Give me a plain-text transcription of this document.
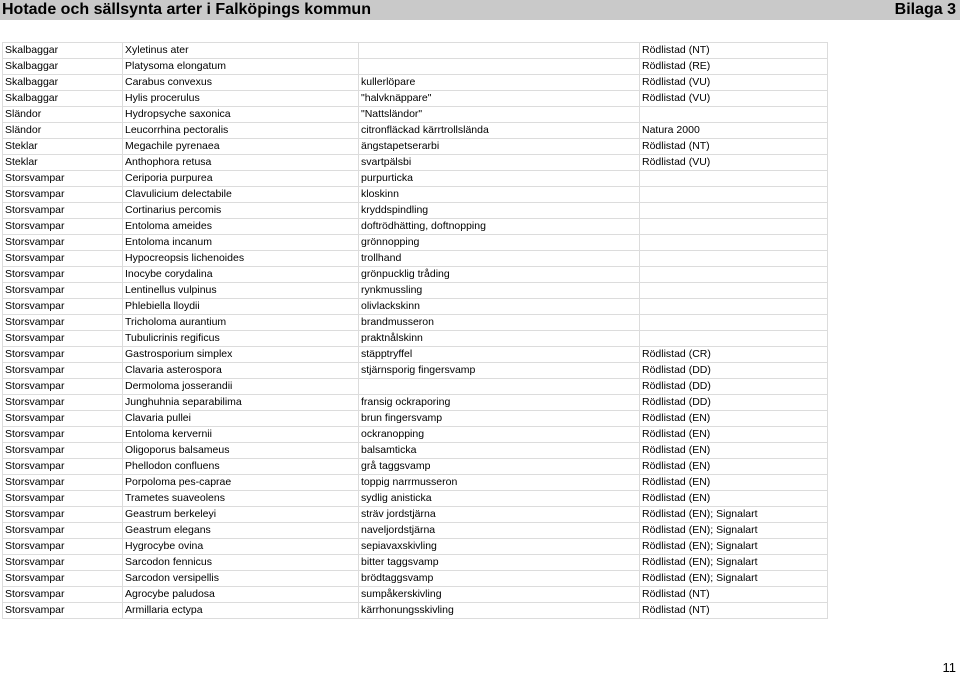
Hotade och sällsynta arter i Falköpings kommun	Bilaga 3
Skalbaggar	Xyletinus ater		Rödlistad (NT)
Skalbaggar	Platysoma elongatum		Rödlistad (RE)
Skalbaggar	Carabus convexus	kullerlöpare	Rödlistad (VU)
Skalbaggar	Hylis procerulus	"halvknäppare"	Rödlistad (VU)
Sländor	Hydropsyche saxonica	"Nattsländor"	
Sländor	Leucorrhina pectoralis	citronfläckad kärrtrollslända	Natura 2000
Steklar	Megachile pyrenaea	ängstapetserarbi	Rödlistad (NT)
Steklar	Anthophora retusa	svartpälsbi	Rödlistad (VU)
Storsvampar	Ceriporia purpurea	purpurticka	
Storsvampar	Clavulicium delectabile	kloskinn	
Storsvampar	Cortinarius percomis	kryddspindling	
Storsvampar	Entoloma ameides	doftrödhätting, doftnopping	
Storsvampar	Entoloma incanum	grönnopping	
Storsvampar	Hypocreopsis lichenoides	trollhand	
Storsvampar	Inocybe corydalina	grönpucklig tråding	
Storsvampar	Lentinellus vulpinus	rynkmussling	
Storsvampar	Phlebiella lloydii	olivlackskinn	
Storsvampar	Tricholoma aurantium	brandmusseron	
Storsvampar	Tubulicrinis regificus	praktnålskinn	
Storsvampar	Gastrosporium simplex	stäpptryffel	Rödlistad (CR)
Storsvampar	Clavaria asterospora	stjärnsporig fingersvamp	Rödlistad (DD)
Storsvampar	Dermoloma josserandii		Rödlistad (DD)
Storsvampar	Junghuhnia separabilima	fransig ockraporing	Rödlistad (DD)
Storsvampar	Clavaria pullei	brun fingersvamp	Rödlistad (EN)
Storsvampar	Entoloma kervernii	ockranopping	Rödlistad (EN)
Storsvampar	Oligoporus balsameus	balsamticka	Rödlistad (EN)
Storsvampar	Phellodon confluens	grå taggsvamp	Rödlistad (EN)
Storsvampar	Porpoloma pes-caprae	toppig narrmusseron	Rödlistad (EN)
Storsvampar	Trametes suaveolens	sydlig anisticka	Rödlistad (EN)
Storsvampar	Geastrum berkeleyi	sträv jordstjärna	Rödlistad (EN); Signalart
Storsvampar	Geastrum elegans	naveljordstjärna	Rödlistad (EN); Signalart
Storsvampar	Hygrocybe ovina	sepiavaxskivling	Rödlistad (EN); Signalart
Storsvampar	Sarcodon fennicus	bitter taggsvamp	Rödlistad (EN); Signalart
Storsvampar	Sarcodon versipellis	brödtaggsvamp	Rödlistad (EN); Signalart
Storsvampar	Agrocybe paludosa	sumpåkerskivling	Rödlistad (NT)
Storsvampar	Armillaria ectypa	kärrhonungsskivling	Rödlistad (NT)
11
